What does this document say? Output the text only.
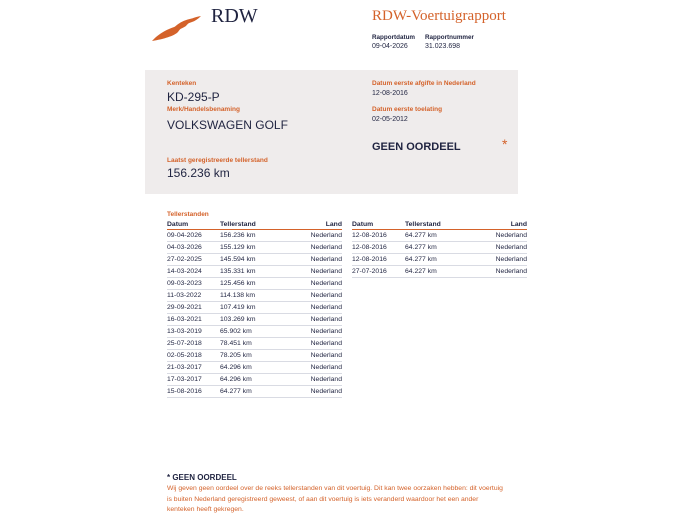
RDW	RDW-Voertuigrapport
Rapportdatum
09-04-2026
Rapportnummer
31.023.698
Kenteken
KD-295-P
Merk/Handelsbenaming
VOLKSWAGEN GOLF
Laatst geregistreerde tellerstand
156.236 km
Datum eerste afgifte in Nederland
12-08-2016
Datum eerste toelating
02-05-2012
GEEN OORDEEL	*
Tellerstanden
Datum	Tellerstand	Land
09-04-2026	156.236 km	Nederland
04-03-2026	155.129 km	Nederland
27-02-2025	145.594 km	Nederland
14-03-2024	135.331 km	Nederland
09-03-2023	125.456 km	Nederland
11-03-2022	114.138 km	Nederland
29-09-2021	107.419 km	Nederland
16-03-2021	103.269 km	Nederland
13-03-2019	65.902 km	Nederland
25-07-2018	78.451 km	Nederland
02-05-2018	78.205 km	Nederland
21-03-2017	64.296 km	Nederland
17-03-2017	64.296 km	Nederland
15-08-2016	64.277 km	Nederland
Datum	Tellerstand	Land
12-08-2016	64.277 km	Nederland
12-08-2016	64.277 km	Nederland
12-08-2016	64.277 km	Nederland
27-07-2016	64.227 km	Nederland
* GEEN OORDEEL
Wij geven geen oordeel over de reeks tellerstanden van dit voertuig. Dit kan twee oorzaken hebben: dit voertuig is buiten Nederland geregistreerd geweest, of aan dit voertuig is iets veranderd waardoor het een ander kenteken heeft gekregen.
